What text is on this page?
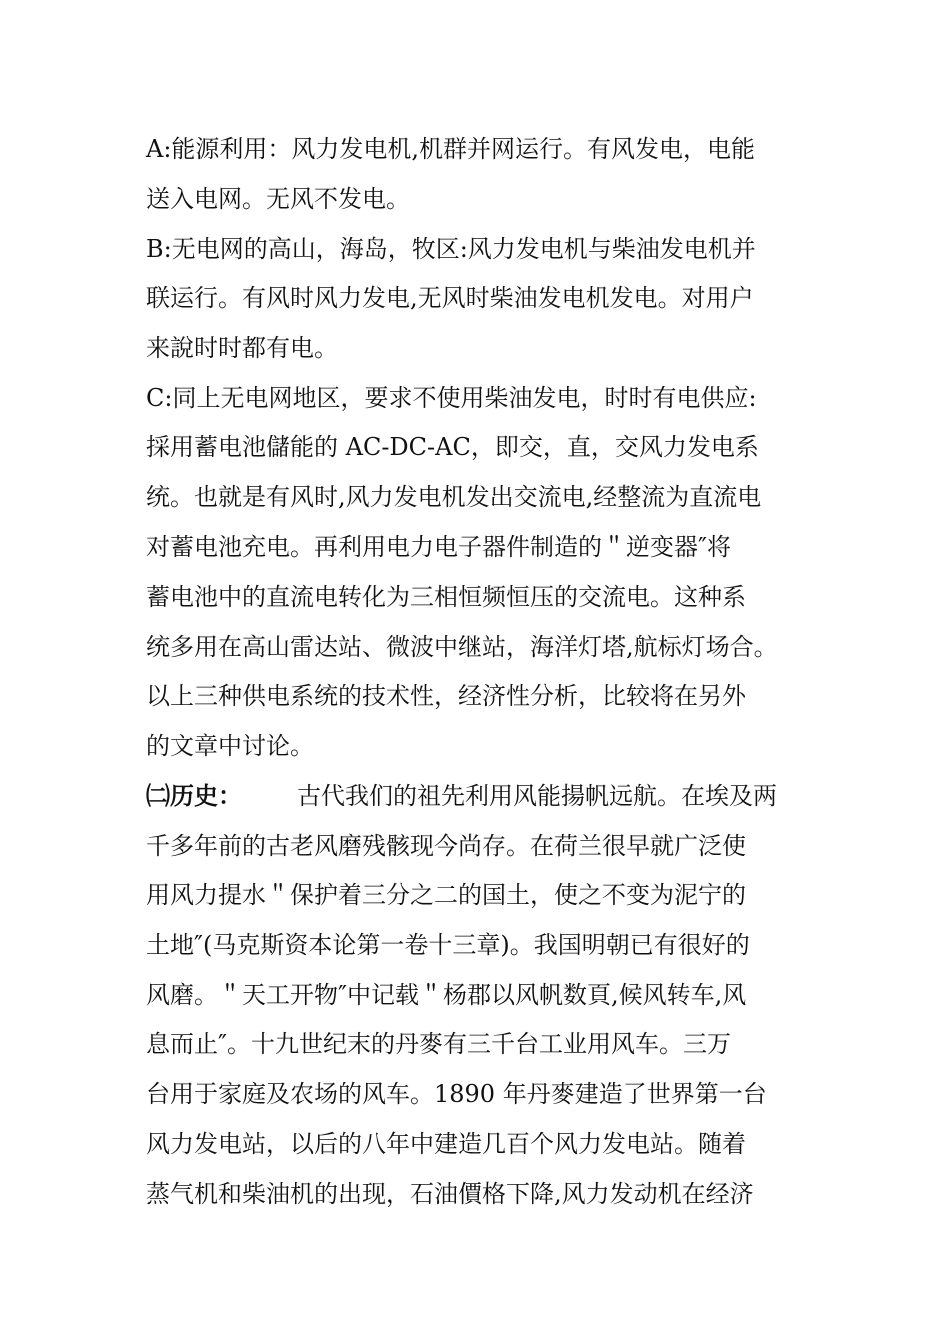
A:能源利用：风力发电机,机群并网运行。有风发电，电能
送入电网。无风不发电。
B:无电网的高山，海岛，牧区:风力发电机与柴油发电机并
联运行。有风时风力发电,无风时柴油发电机发电。对用户
来說时时都有电。
C:同上无电网地区，要求不使用柴油发电，时时有电供应:
採用蓄电池儲能的 AC-DC-AC，即交，直，交风力发电系
统。也就是有风时,风力发电机发出交流电,经整流为直流电
对蓄电池充电。再利用电力电子器件制造的＂逆变器″将
蓄电池中的直流电转化为三相恒频恒压的交流电。这种系
统多用在高山雷达站、微波中继站，海洋灯塔,航标灯场合。
以上三种供电系统的技术性，经济性分析，比较将在另外
的文章中讨论。
㈡历史： 古代我们的祖先利用风能揚帆远航。在埃及两
千多年前的古老风磨残骸现今尚存。在荷兰很早就广泛使
用风力提水＂保护着三分之二的国土，使之不变为泥宁的
土地″(马克斯资本论第一卷十三章)。我国明朝已有很好的
风磨。＂天工开物″中记载＂杨郡以风帆数頁,候风转车,风
息而止″。十九世纪末的丹麥有三千台工业用风车。三万
台用于家庭及农场的风车。1890 年丹麥建造了世界第一台
风力发电站，以后的八年中建造几百个风力发电站。随着
蒸气机和柴油机的出现，石油價格下降,风力发动机在经济
